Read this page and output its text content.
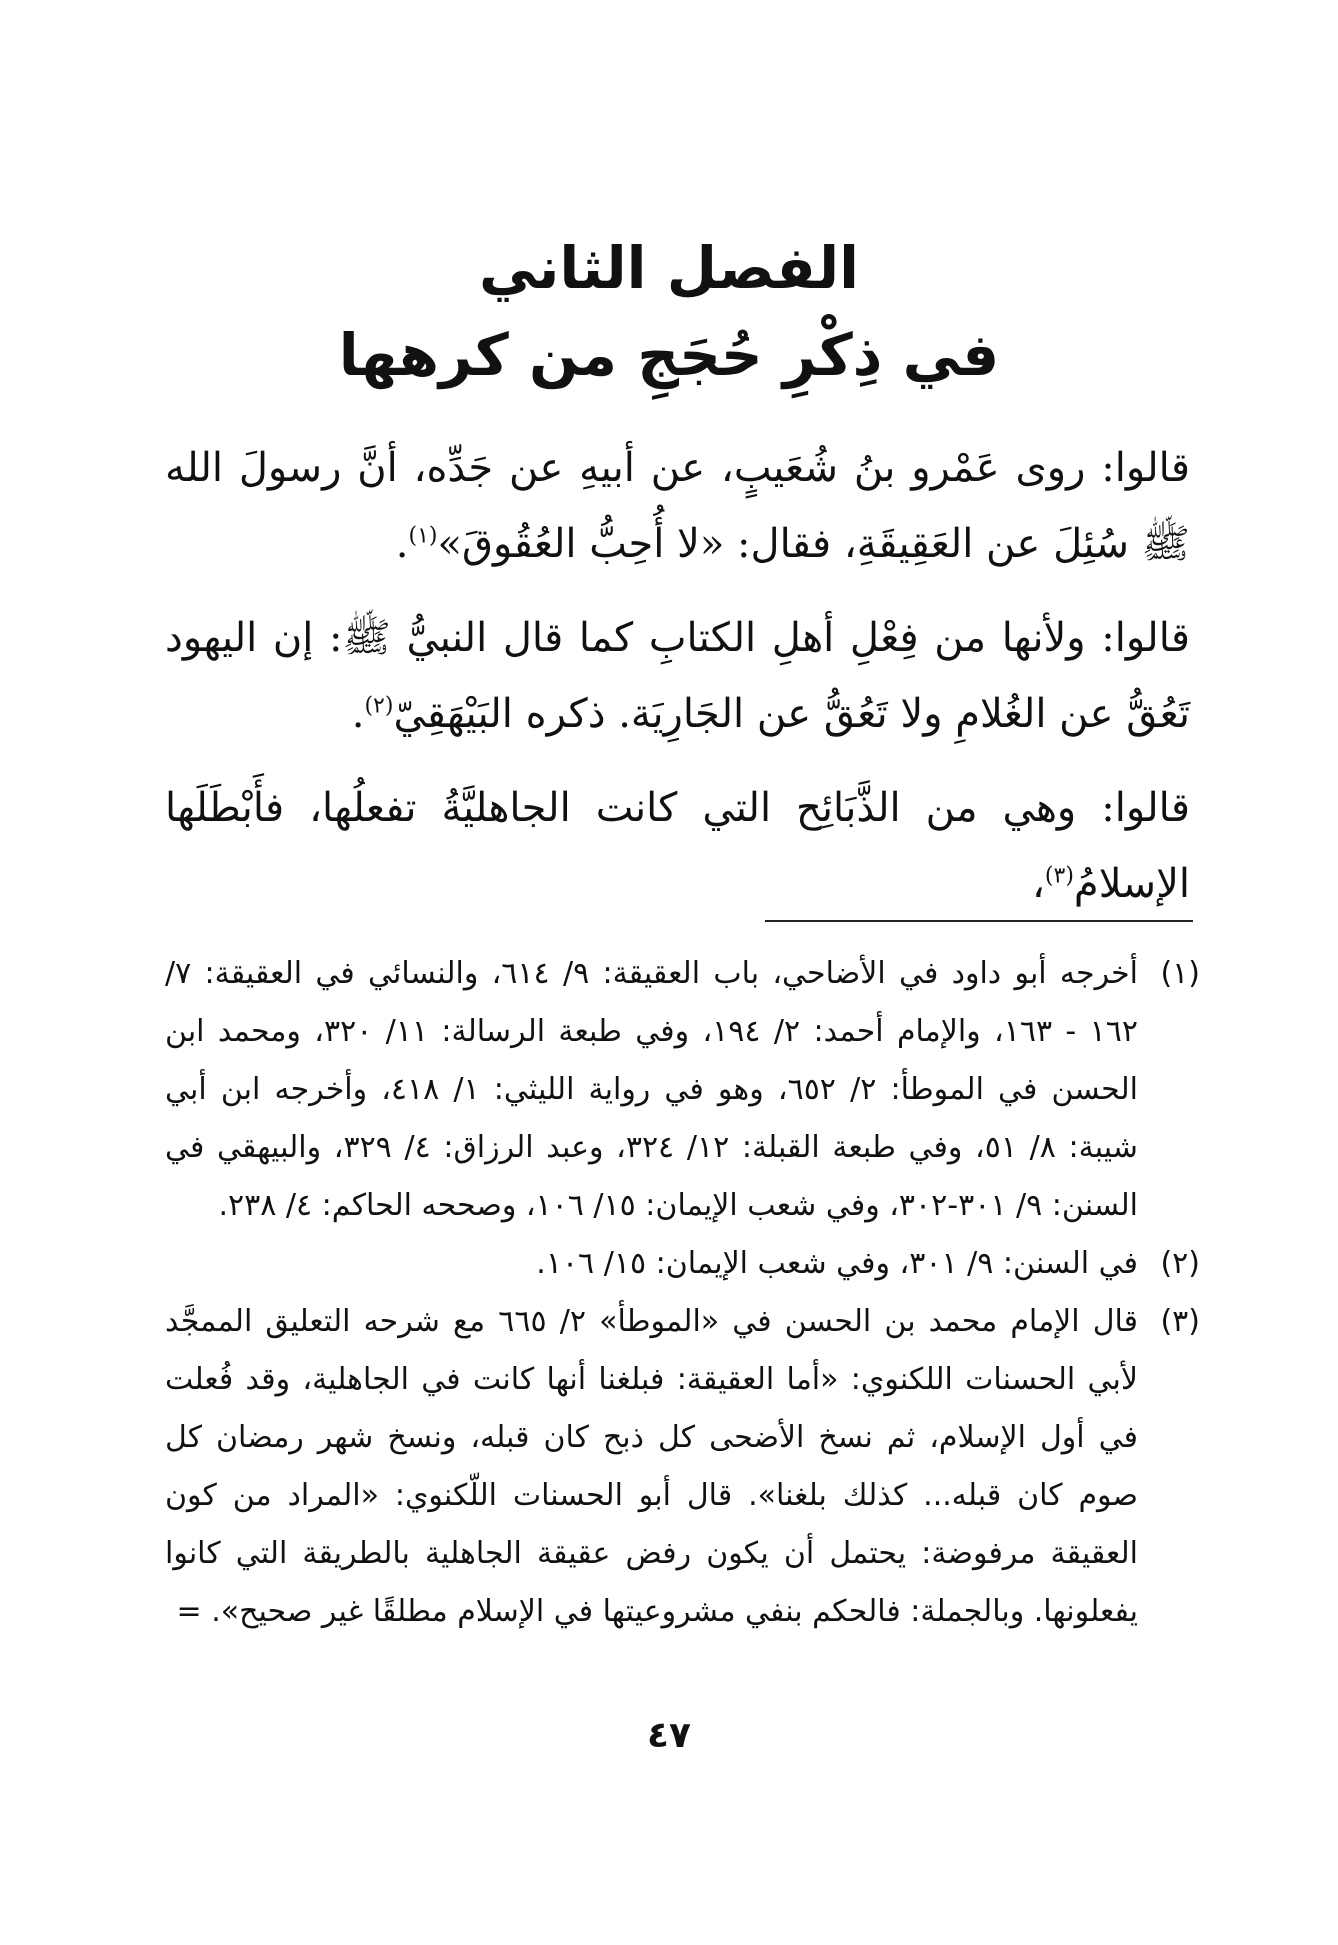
الفصل الثاني
في ذِكْرِ حُجَجِ من كرهها

قالوا: روى عَمْرو بنُ شُعَيبٍ، عن أبيهِ عن جَدِّه، أنَّ رسولَ الله ﷺ سُئِلَ عن العَقِيقَةِ، فقال: «لا أُحِبُّ العُقُوقَ»$^{(١)}$.

قالوا: ولأنها من فِعْلِ أهلِ الكتابِ كما قال النبيُّ ﷺ: إن اليهود تَعُقُّ عن الغُلامِ ولا تَعُقُّ عن الجَارِيَة. ذكره البَيْهَقِيّ$^{(٢)}$.

قالوا: وهي من الذَّبَائِح التي كانت الجاهليَّةُ تفعلُها، فأَبْطَلَها الإسلامُ$^{(٣)}$،

(١)
أخرجه أبو داود في الأضاحي، باب العقيقة: ٩/ ٦١٤، والنسائي في العقيقة: ٧/ ١٦٢ - ١٦٣، والإمام أحمد: ٢/ ١٩٤، وفي طبعة الرسالة: ١١/ ٣٢٠، ومحمد ابن الحسن في الموطأ: ٢/ ٦٥٢، وهو في رواية الليثي: ١/ ٤١٨، وأخرجه ابن أبي شيبة: ٨/ ٥١، وفي طبعة القبلة: ١٢/ ٣٢٤، وعبد الرزاق: ٤/ ٣٢٩، والبيهقي في السنن: ٩/ ٣٠١-٣٠٢، وفي شعب الإيمان: ١٥/ ١٠٦، وصححه الحاكم: ٤/ ٢٣٨.
(٢)
في السنن: ٩/ ٣٠١، وفي شعب الإيمان: ١٥/ ١٠٦.
(٣)
قال الإمام محمد بن الحسن في «الموطأ» ٢/ ٦٦٥ مع شرحه التعليق الممجَّد لأبي الحسنات اللكنوي: «أما العقيقة: فبلغنا أنها كانت في الجاهلية، وقد فُعلت في أول الإسلام، ثم نسخ الأضحى كل ذبح كان قبله، ونسخ شهر رمضان كل صوم كان قبله... كذلك بلغنا». قال أبو الحسنات اللّكنوي: «المراد من كون العقيقة مرفوضة: يحتمل أن يكون رفض عقيقة الجاهلية بالطريقة التي كانوا يفعلونها. وبالجملة: فالحكم بنفي مشروعيتها في الإسلام مطلقًا غير صحيح». =
٤٧
